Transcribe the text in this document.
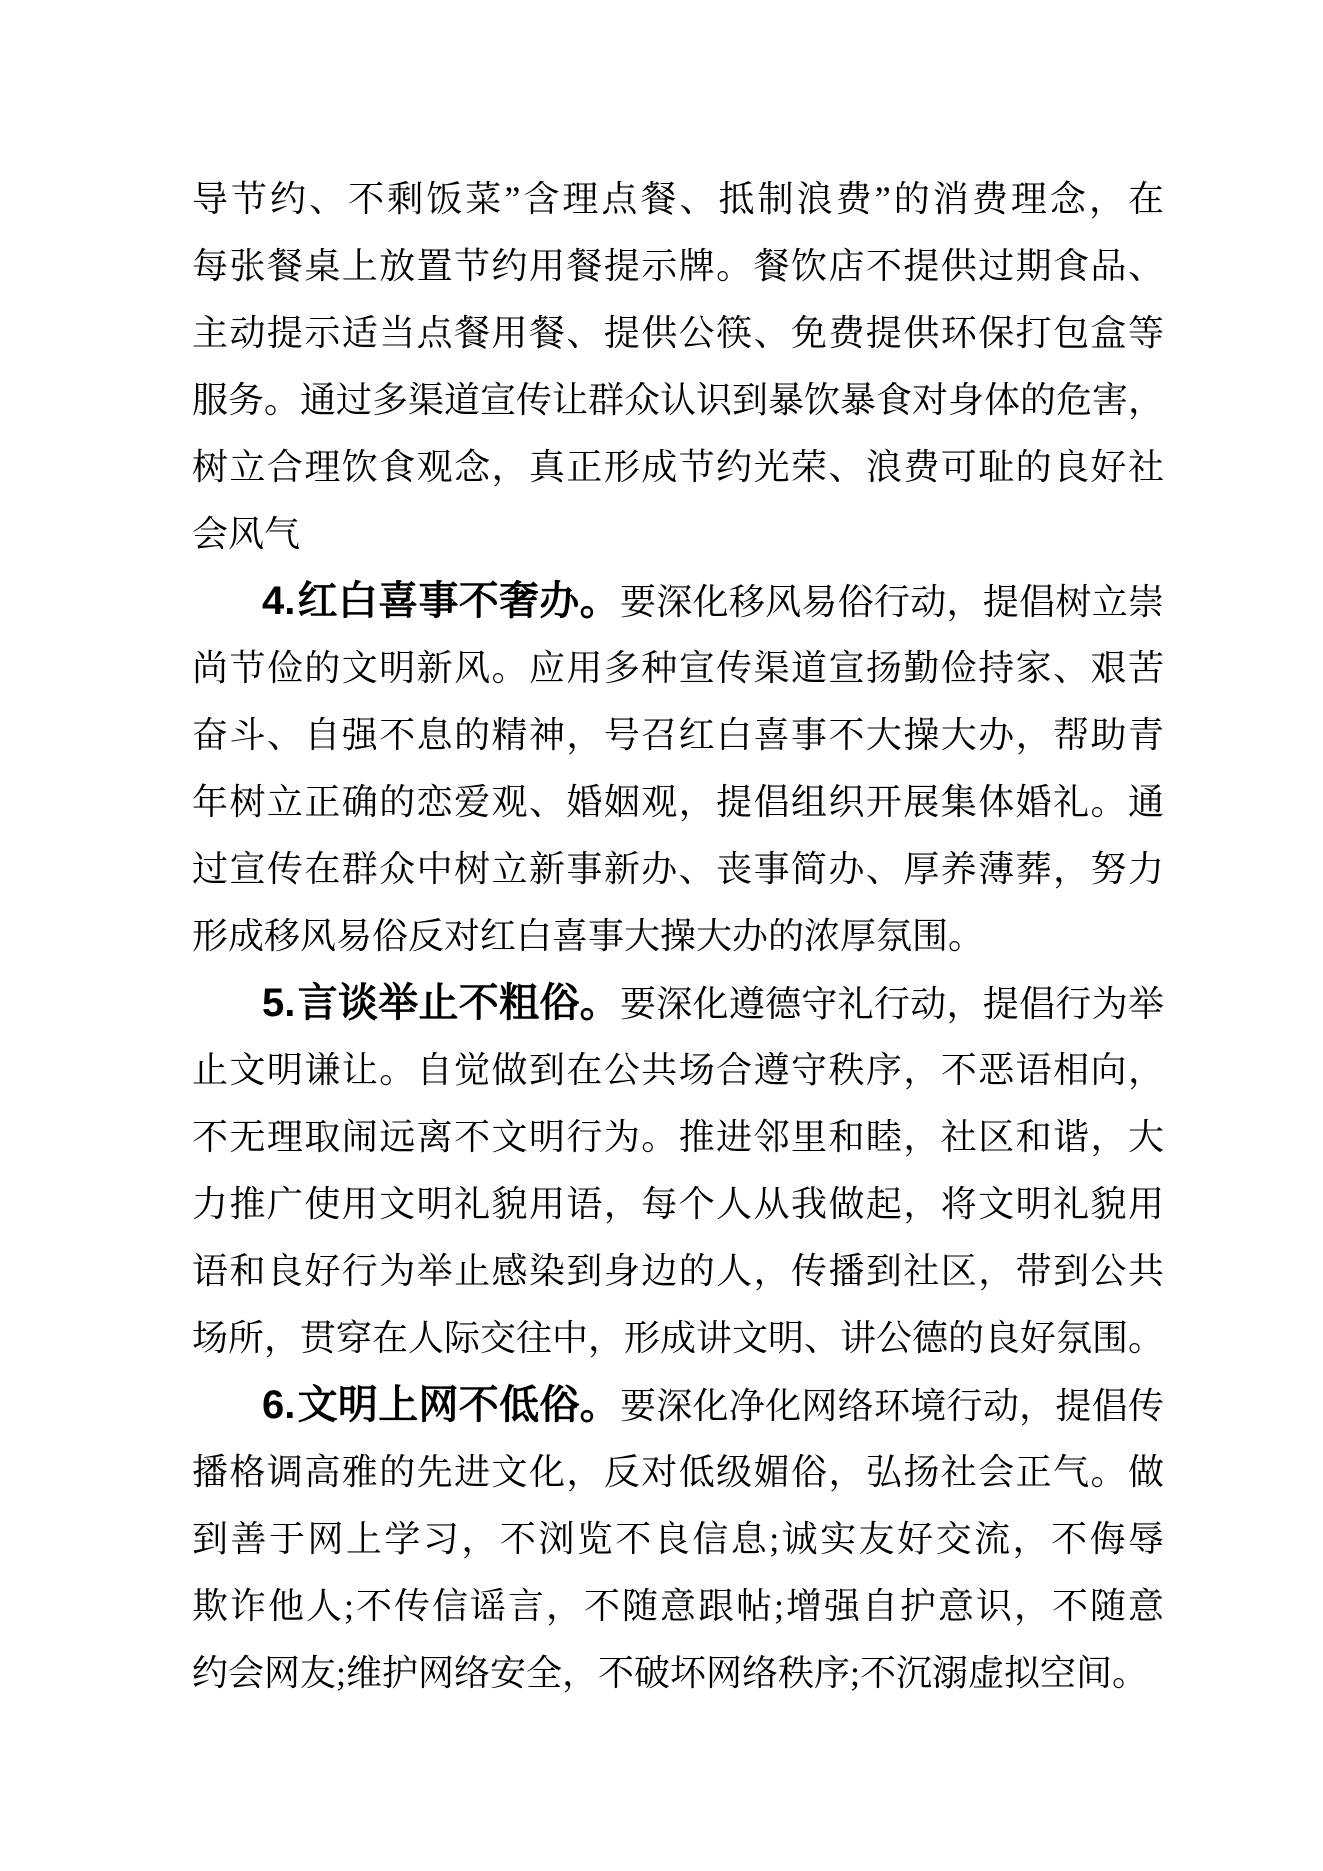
导节约、不剩饭菜”含理点餐、抵制浪费”的消费理念，在
每张餐桌上放置节约用餐提示牌。餐饮店不提供过期食品、
主动提示适当点餐用餐、提供公筷、免费提供环保打包盒等
服务。通过多渠道宣传让群众认识到暴饮暴食对身体的危害，
树立合理饮食观念，真正形成节约光荣、浪费可耻的良好社
会风气
4.红白喜事不奢办。要深化移风易俗行动，提倡树立崇
尚节俭的文明新风。应用多种宣传渠道宣扬勤俭持家、艰苦
奋斗、自强不息的精神，号召红白喜事不大操大办，帮助青
年树立正确的恋爱观、婚姻观，提倡组织开展集体婚礼。通
过宣传在群众中树立新事新办、丧事简办、厚养薄葬，努力
形成移风易俗反对红白喜事大操大办的浓厚氛围。
5.言谈举止不粗俗。要深化遵德守礼行动，提倡行为举
止文明谦让。自觉做到在公共场合遵守秩序，不恶语相向，
不无理取闹远离不文明行为。推进邻里和睦，社区和谐，大
力推广使用文明礼貌用语，每个人从我做起，将文明礼貌用
语和良好行为举止感染到身边的人，传播到社区，带到公共
场所，贯穿在人际交往中，形成讲文明、讲公德的良好氛围。
6.文明上网不低俗。要深化净化网络环境行动，提倡传
播格调高雅的先进文化，反对低级媚俗，弘扬社会正气。做
到善于网上学习，不浏览不良信息;诚实友好交流，不侮辱
欺诈他人;不传信谣言，不随意跟帖;增强自护意识，不随意
约会网友;维护网络安全，不破坏网络秩序;不沉溺虚拟空间。
